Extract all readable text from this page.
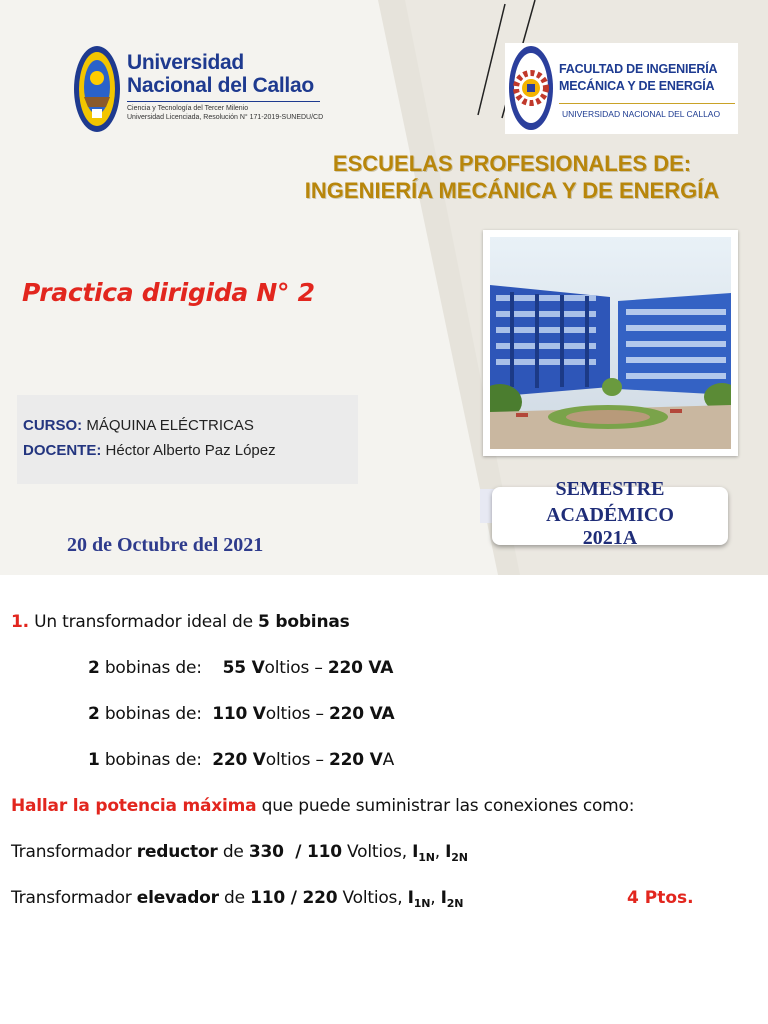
Universidad
Nacional del Callao
Ciencia y Tecnología del Tercer Milenio
Universidad Licenciada, Resolución N° 171-2019-SUNEDU/CD
FACULTAD DE INGENIERÍA
MECÁNICA Y DE ENERGÍA
UNIVERSIDAD NACIONAL DEL CALLAO
ESCUELAS PROFESIONALES DE:
INGENIERÍA MECÁNICA Y DE ENERGÍA
Practica dirigida N° 2
CURSO: MÁQUINA ELÉCTRICAS
DOCENTE: Héctor Alberto Paz López
20 de Octubre del 2021
SEMESTRE
ACADÉMICO
2021A
1. Un transformador ideal de 5 bobinas
2 bobinas de:    55 Voltios – 220 VA
2 bobinas de:  110 Voltios – 220 VA
1 bobinas de:  220 Voltios – 220 VA
Hallar la potencia máxima que puede suministrar las conexiones como:
Transformador reductor de 330  / 110 Voltios, $I_{1N}$, $I_{2N}$
Transformador elevador de 110 / 220 Voltios, $I_{1N}$, $I_{2N}$	4 Ptos.
